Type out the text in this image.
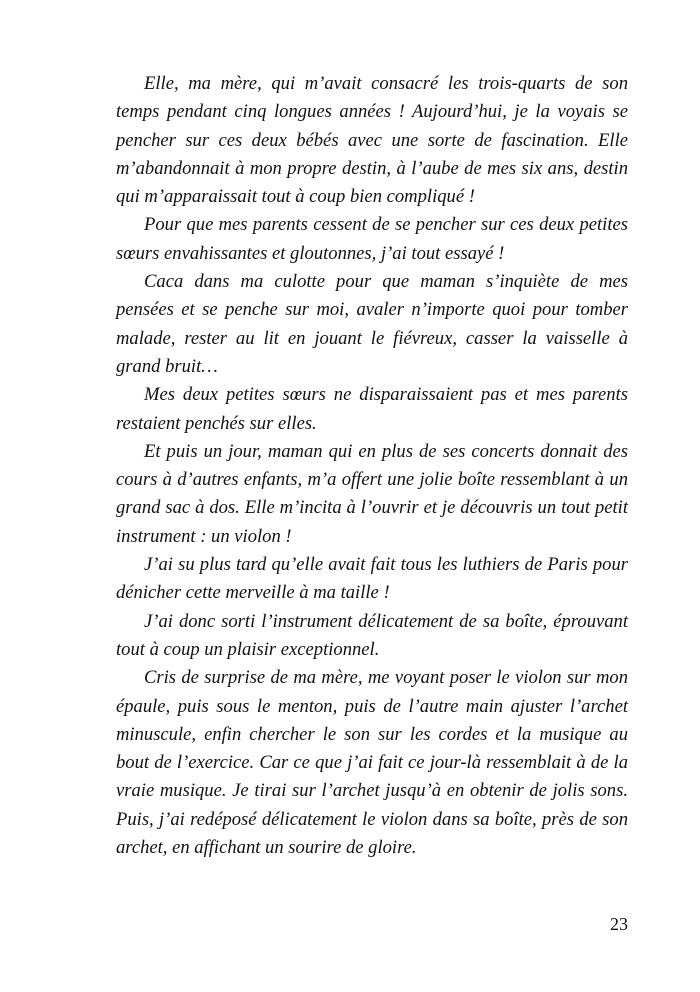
Elle, ma mère, qui m’avait consacré les trois-quarts de son temps pendant cinq longues années ! Aujourd’hui, je la voyais se pencher sur ces deux bébés avec une sorte de fascination. Elle m’abandonnait à mon propre destin, à l’aube de mes six ans, destin qui m’apparaissait tout à coup bien compliqué !

Pour que mes parents cessent de se pencher sur ces deux petites sœurs envahissantes et gloutonnes, j’ai tout essayé !

Caca dans ma culotte pour que maman s’inquiète de mes pensées et se penche sur moi, avaler n’importe quoi pour tomber malade, rester au lit en jouant le fiévreux, casser la vaisselle à grand bruit…

Mes deux petites sœurs ne disparaissaient pas et mes parents restaient penchés sur elles.

Et puis un jour, maman qui en plus de ses concerts donnait des cours à d’autres enfants, m’a offert une jolie boîte ressemblant à un grand sac à dos. Elle m’incita à l’ouvrir et je découvris un tout petit instrument : un violon !

J’ai su plus tard qu’elle avait fait tous les luthiers de Paris pour dénicher cette merveille à ma taille !

J’ai donc sorti l’instrument délicatement de sa boîte, éprouvant tout à coup un plaisir exceptionnel.

Cris de surprise de ma mère, me voyant poser le violon sur mon épaule, puis sous le menton, puis de l’autre main ajuster l’archet minuscule, enfin chercher le son sur les cordes et la musique au bout de l’exercice. Car ce que j’ai fait ce jour-là ressemblait à de la vraie musique. Je tirai sur l’archet jusqu’à en obtenir de jolis sons. Puis, j’ai redéposé délicatement le violon dans sa boîte, près de son archet, en affichant un sourire de gloire.

23
